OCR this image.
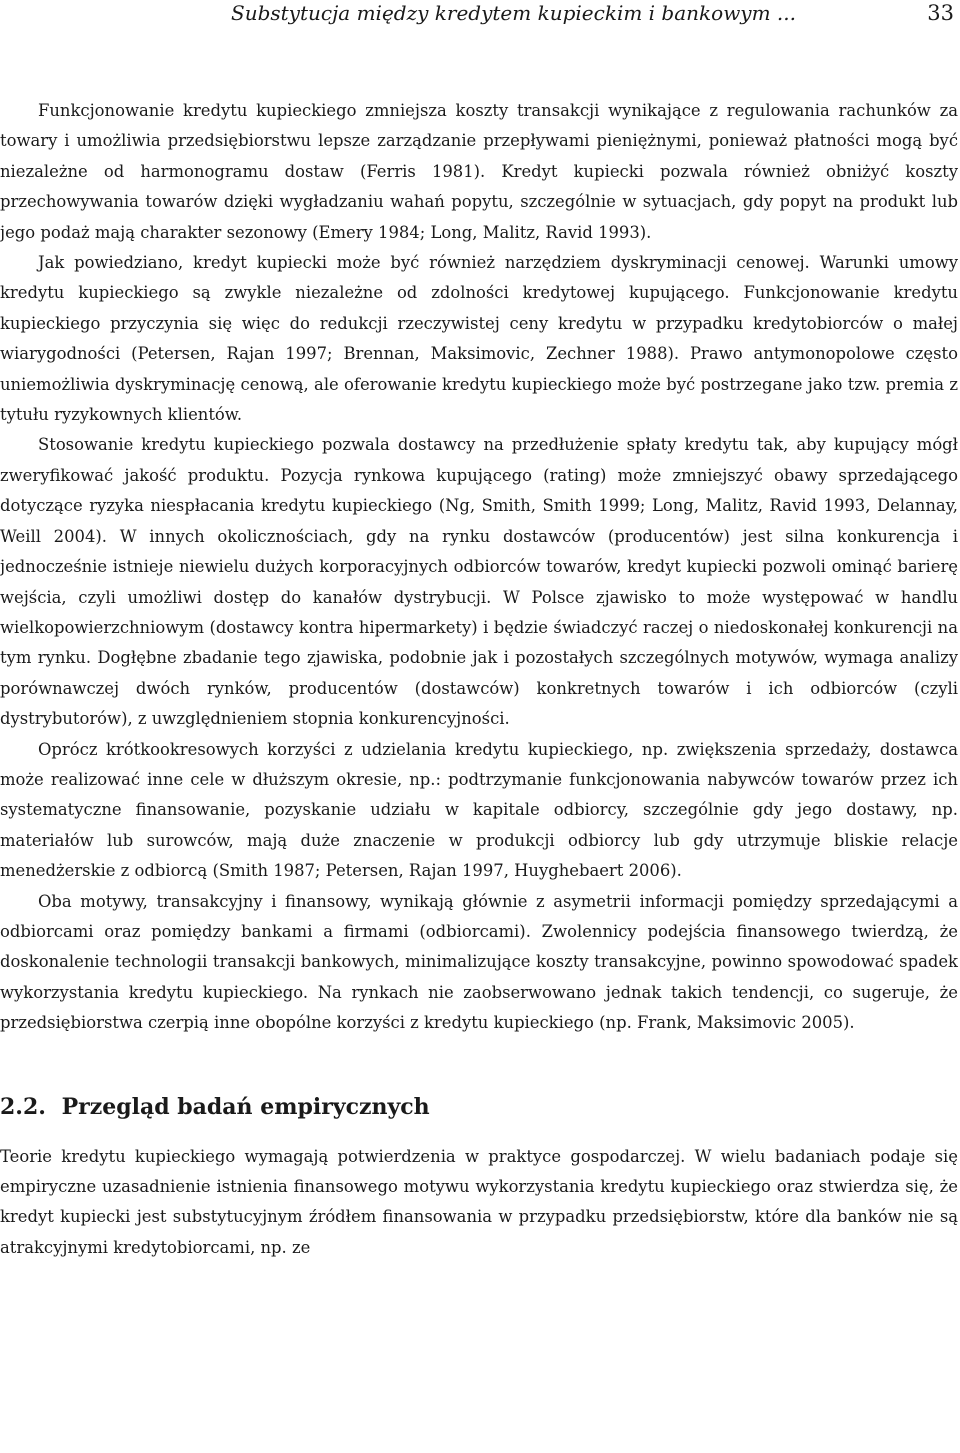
Substytucja między kredytem kupieckim i bankowym ...	33

Funkcjonowanie kredytu kupieckiego zmniejsza koszty transakcji wynikające z regulowania rachunków za towary i umożliwia przedsiębiorstwu lepsze zarządzanie przepływami pieniężnymi, ponieważ płatności mogą być niezależne od harmonogramu dostaw (Ferris 1981). Kredyt kupiecki pozwala również obniżyć koszty przechowywania towarów dzięki wygładzaniu wahań popytu, szczególnie w sytuacjach, gdy popyt na produkt lub jego podaż mają charakter sezonowy (Emery 1984; Long, Malitz, Ravid 1993).

Jak powiedziano, kredyt kupiecki może być również narzędziem dyskryminacji cenowej. Warunki umowy kredytu kupieckiego są zwykle niezależne od zdolności kredytowej kupującego. Funkcjonowanie kredytu kupieckiego przyczynia się więc do redukcji rzeczywistej ceny kredytu w przypadku kredytobiorców o małej wiarygodności (Petersen, Rajan 1997; Brennan, Maksimovic, Zechner 1988). Prawo antymonopolowe często uniemożliwia dyskryminację cenową, ale oferowanie kredytu kupieckiego może być postrzegane jako tzw. premia z tytułu ryzykownych klientów.

Stosowanie kredytu kupieckiego pozwala dostawcy na przedłużenie spłaty kredytu tak, aby kupujący mógł zweryfikować jakość produktu. Pozycja rynkowa kupującego (rating) może zmniejszyć obawy sprzedającego dotyczące ryzyka niespłacania kredytu kupieckiego (Ng, Smith, Smith 1999; Long, Malitz, Ravid 1993, Delannay, Weill 2004). W innych okolicznościach, gdy na rynku dostawców (producentów) jest silna konkurencja i jednocześnie istnieje niewielu dużych korporacyjnych odbiorców towarów, kredyt kupiecki pozwoli ominąć barierę wejścia, czyli umożliwi dostęp do kanałów dystrybucji. W Polsce zjawisko to może występować w handlu wielkopowierzchniowym (dostawcy kontra hipermarkety) i będzie świadczyć raczej o niedoskonałej konkurencji na tym rynku. Dogłębne zbadanie tego zjawiska, podobnie jak i pozostałych szczególnych motywów, wymaga analizy porównawczej dwóch rynków, producentów (dostawców) konkretnych towarów i ich odbiorców (czyli dystrybutorów), z uwzględnieniem stopnia konkurencyjności.

Oprócz krótkookresowych korzyści z udzielania kredytu kupieckiego, np. zwiększenia sprzedaży, dostawca może realizować inne cele w dłuższym okresie, np.: podtrzymanie funkcjonowania nabywców towarów przez ich systematyczne finansowanie, pozyskanie udziału w kapitale odbiorcy, szczególnie gdy jego dostawy, np. materiałów lub surowców, mają duże znaczenie w produkcji odbiorcy lub gdy utrzymuje bliskie relacje menedżerskie z odbiorcą (Smith 1987; Petersen, Rajan 1997, Huyghebaert 2006).

Oba motywy, transakcyjny i finansowy, wynikają głównie z asymetrii informacji pomiędzy sprzedającymi a odbiorcami oraz pomiędzy bankami a firmami (odbiorcami). Zwolennicy podejścia finansowego twierdzą, że doskonalenie technologii transakcji bankowych, minimalizujące koszty transakcyjne, powinno spowodować spadek wykorzystania kredytu kupieckiego. Na rynkach nie zaobserwowano jednak takich tendencji, co sugeruje, że przedsiębiorstwa czerpią inne obopólne korzyści z kredytu kupieckiego (np. Frank, Maksimovic 2005).

2.2. Przegląd badań empirycznych

Teorie kredytu kupieckiego wymagają potwierdzenia w praktyce gospodarczej. W wielu badaniach podaje się empiryczne uzasadnienie istnienia finansowego motywu wykorzystania kredytu kupieckiego oraz stwierdza się, że kredyt kupiecki jest substytucyjnym źródłem finansowania w przypadku przedsiębiorstw, które dla banków nie są atrakcyjnymi kredytobiorcami, np. ze
